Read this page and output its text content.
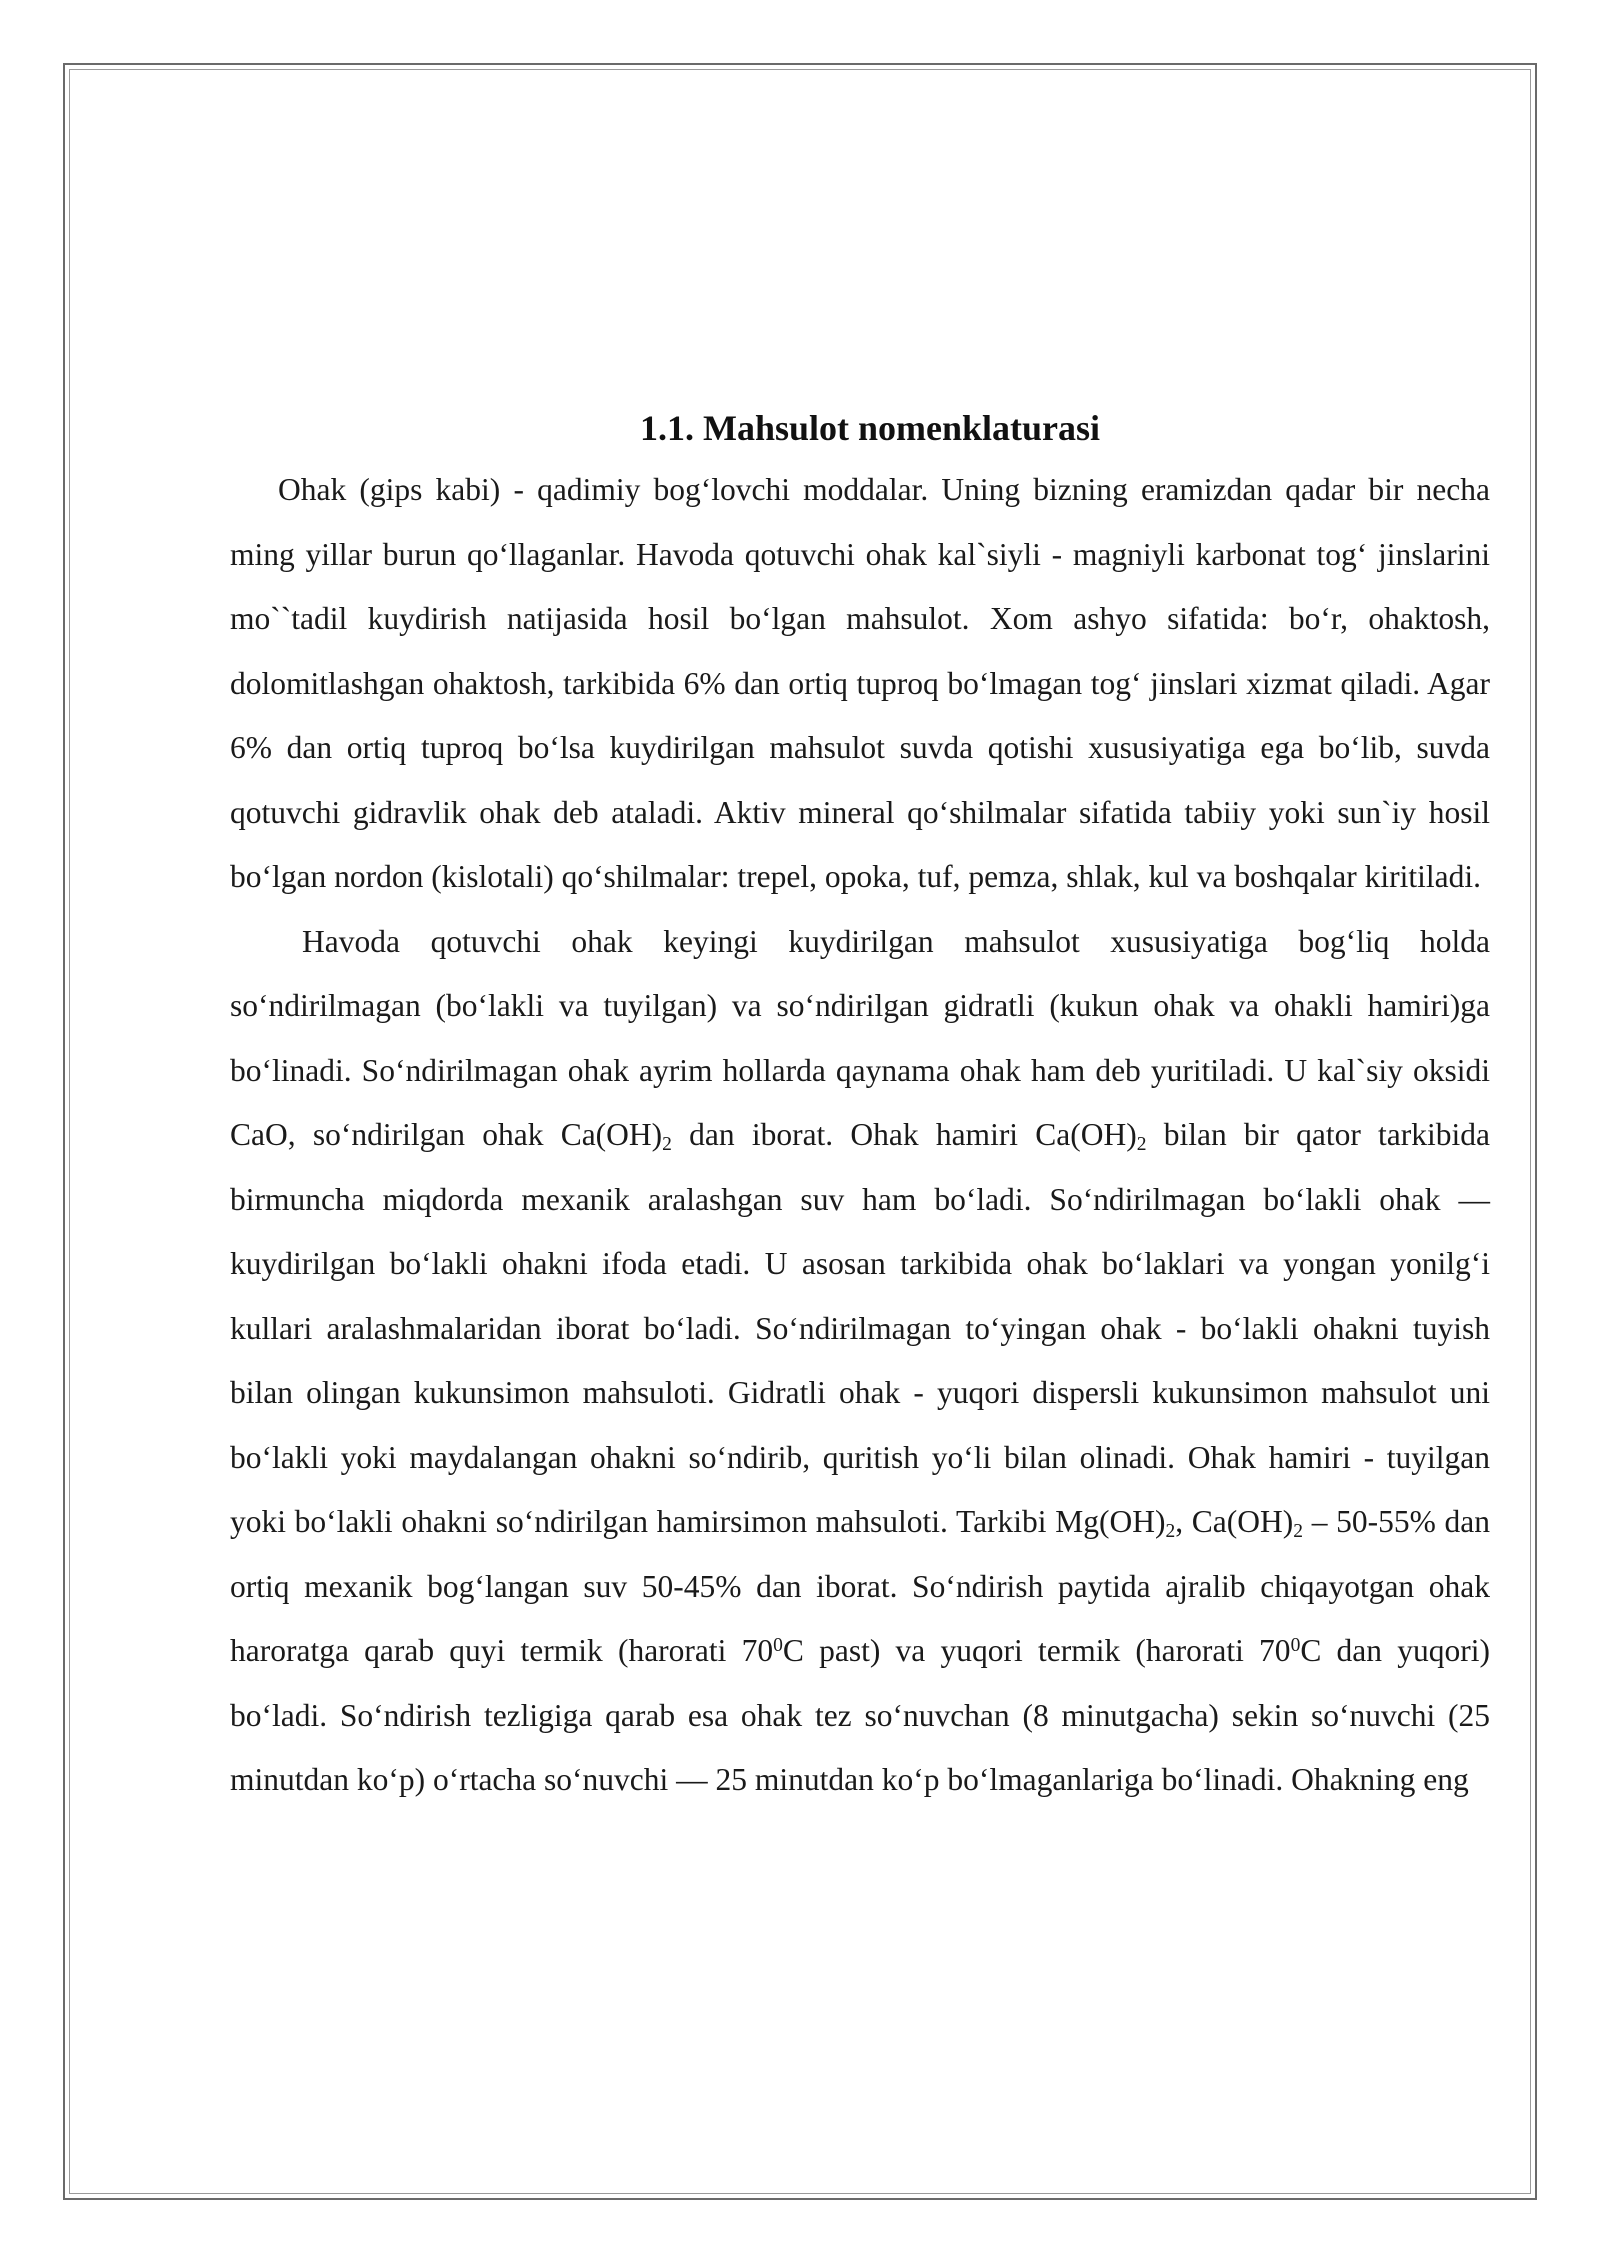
1.1. Mahsulot nomenklaturasi

Ohak (gips kabi) - qadimiy bog‘lovchi moddalar. Uning bizning eramizdan qadar bir necha ming yillar burun qo‘llaganlar. Havoda qotuvchi ohak kal`siyli - magniyli karbonat tog‘ jinslarini mo``tadil kuydirish natijasida hosil bo‘lgan mahsulot. Xom ashyo sifatida: bo‘r, ohaktosh, dolomitlashgan ohaktosh, tarkibida 6% dan ortiq tuproq bo‘lmagan tog‘ jinslari xizmat qiladi. Agar 6% dan ortiq tuproq bo‘lsa kuydirilgan mahsulot suvda qotishi xususiyatiga ega bo‘lib, suvda qotuvchi gidravlik ohak deb ataladi. Aktiv mineral qo‘shilmalar sifatida tabiiy yoki sun`iy hosil bo‘lgan nordon (kislotali) qo‘shilmalar: trepel, opoka, tuf, pemza, shlak, kul va boshqalar kiritiladi.

Havoda qotuvchi ohak keyingi kuydirilgan mahsulot xususiyatiga bog‘liq holda so‘ndirilmagan (bo‘lakli va tuyilgan) va so‘ndirilgan gidratli (kukun ohak va ohakli hamiri)ga bo‘linadi. So‘ndirilmagan ohak ayrim hollarda qaynama ohak ham deb yuritiladi. U kal`siy oksidi CaO, so‘ndirilgan ohak $Ca(OH)_2$ dan iborat. Ohak hamiri $Ca(OH)_2$ bilan bir qator tarkibida birmuncha miqdorda mexanik aralashgan suv ham bo‘ladi. So‘ndirilmagan bo‘lakli ohak — kuydirilgan bo‘lakli ohakni ifoda etadi. U asosan tarkibida ohak bo‘laklari va yongan yonilg‘i kullari aralashmalaridan iborat bo‘ladi. So‘ndirilmagan to‘yingan ohak - bo‘lakli ohakni tuyish bilan olingan kukunsimon mahsuloti. Gidratli ohak - yuqori dispersli kukunsimon mahsulot uni bo‘lakli yoki maydalangan ohakni so‘ndirib, quritish yo‘li bilan olinadi. Ohak hamiri - tuyilgan yoki bo‘lakli ohakni so‘ndirilgan hamirsimon mahsuloti. Tarkibi $Mg(OH)_2$, $Ca(OH)_2 - 50-55\%$ dan ortiq mexanik bog‘langan suv 50-45% dan iborat. So‘ndirish paytida ajralib chiqayotgan ohak haroratga qarab quyi termik (harorati $70^0C$ past) va yuqori termik (harorati $70^0C$ dan yuqori) bo‘ladi. So‘ndirish tezligiga qarab esa ohak tez so‘nuvchan (8 minutgacha) sekin so‘nuvchi (25 minutdan ko‘p) o‘rtacha so‘nuvchi — 25 minutdan ko‘p bo‘lmaganlariga bo‘linadi. Ohakning eng
